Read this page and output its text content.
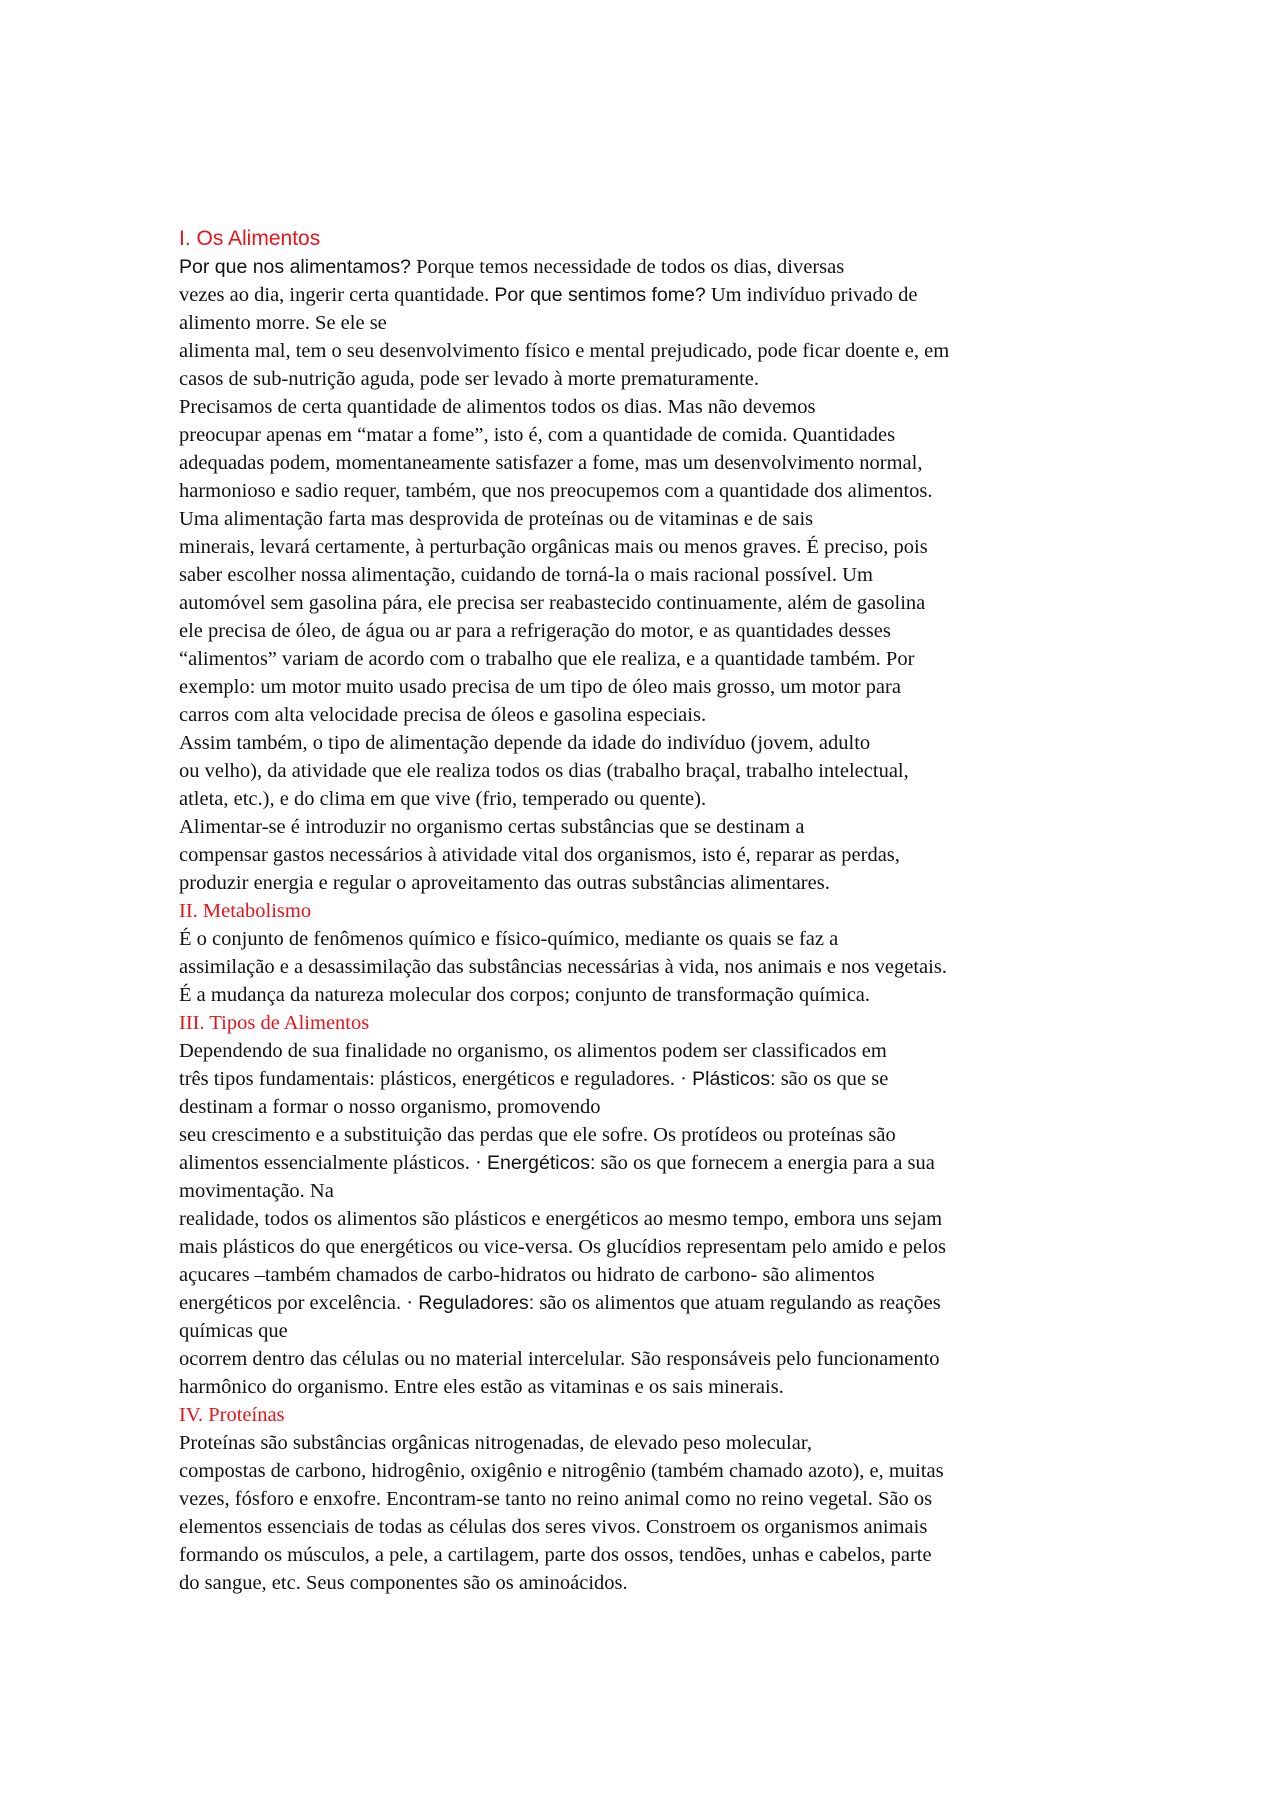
I. Os Alimentos
Por que nos alimentamos? Porque temos necessidade de todos os dias, diversas
vezes ao dia, ingerir certa quantidade. Por que sentimos fome? Um indivíduo privado de
alimento morre. Se ele se
alimenta mal, tem o seu desenvolvimento físico e mental prejudicado, pode ficar doente e, em
casos de sub-nutrição aguda, pode ser levado à morte prematuramente.
Precisamos de certa quantidade de alimentos todos os dias. Mas não devemos
preocupar apenas em “matar a fome”, isto é, com a quantidade de comida. Quantidades
adequadas podem, momentaneamente satisfazer a fome, mas um desenvolvimento normal,
harmonioso e sadio requer, também, que nos preocupemos com a quantidade dos alimentos.
Uma alimentação farta mas desprovida de proteínas ou de vitaminas e de sais
minerais, levará certamente, à perturbação orgânicas mais ou menos graves. É preciso, pois
saber escolher nossa alimentação, cuidando de torná-la o mais racional possível. Um
automóvel sem gasolina pára, ele precisa ser reabastecido continuamente, além de gasolina
ele precisa de óleo, de água ou ar para a refrigeração do motor, e as quantidades desses
“alimentos” variam de acordo com o trabalho que ele realiza, e a quantidade também. Por
exemplo: um motor muito usado precisa de um tipo de óleo mais grosso, um motor para
carros com alta velocidade precisa de óleos e gasolina especiais.
Assim também, o tipo de alimentação depende da idade do indivíduo (jovem, adulto
ou velho), da atividade que ele realiza todos os dias (trabalho braçal, trabalho intelectual,
atleta, etc.), e do clima em que vive (frio, temperado ou quente).
Alimentar-se é introduzir no organismo certas substâncias que se destinam a
compensar gastos necessários à atividade vital dos organismos, isto é, reparar as perdas,
produzir energia e regular o aproveitamento das outras substâncias alimentares.
II. Metabolismo
É o conjunto de fenômenos químico e físico-químico, mediante os quais se faz a
assimilação e a desassimilação das substâncias necessárias à vida, nos animais e nos vegetais.
É a mudança da natureza molecular dos corpos; conjunto de transformação química.
III. Tipos de Alimentos
Dependendo de sua finalidade no organismo, os alimentos podem ser classificados em
três tipos fundamentais: plásticos, energéticos e reguladores. · Plásticos: são os que se
destinam a formar o nosso organismo, promovendo
seu crescimento e a substituição das perdas que ele sofre. Os protídeos ou proteínas são
alimentos essencialmente plásticos. · Energéticos: são os que fornecem a energia para a sua
movimentação. Na
realidade, todos os alimentos são plásticos e energéticos ao mesmo tempo, embora uns sejam
mais plásticos do que energéticos ou vice-versa. Os glucídios representam pelo amido e pelos
açucares –também chamados de carbo-hidratos ou hidrato de carbono- são alimentos
energéticos por excelência. · Reguladores: são os alimentos que atuam regulando as reações
químicas que
ocorrem dentro das células ou no material intercelular. São responsáveis pelo funcionamento
harmônico do organismo. Entre eles estão as vitaminas e os sais minerais.
IV. Proteínas
Proteínas são substâncias orgânicas nitrogenadas, de elevado peso molecular,
compostas de carbono, hidrogênio, oxigênio e nitrogênio (também chamado azoto), e, muitas
vezes, fósforo e enxofre. Encontram-se tanto no reino animal como no reino vegetal. São os
elementos essenciais de todas as células dos seres vivos. Constroem os organismos animais
formando os músculos, a pele, a cartilagem, parte dos ossos, tendões, unhas e cabelos, parte
do sangue, etc. Seus componentes são os aminoácidos.
